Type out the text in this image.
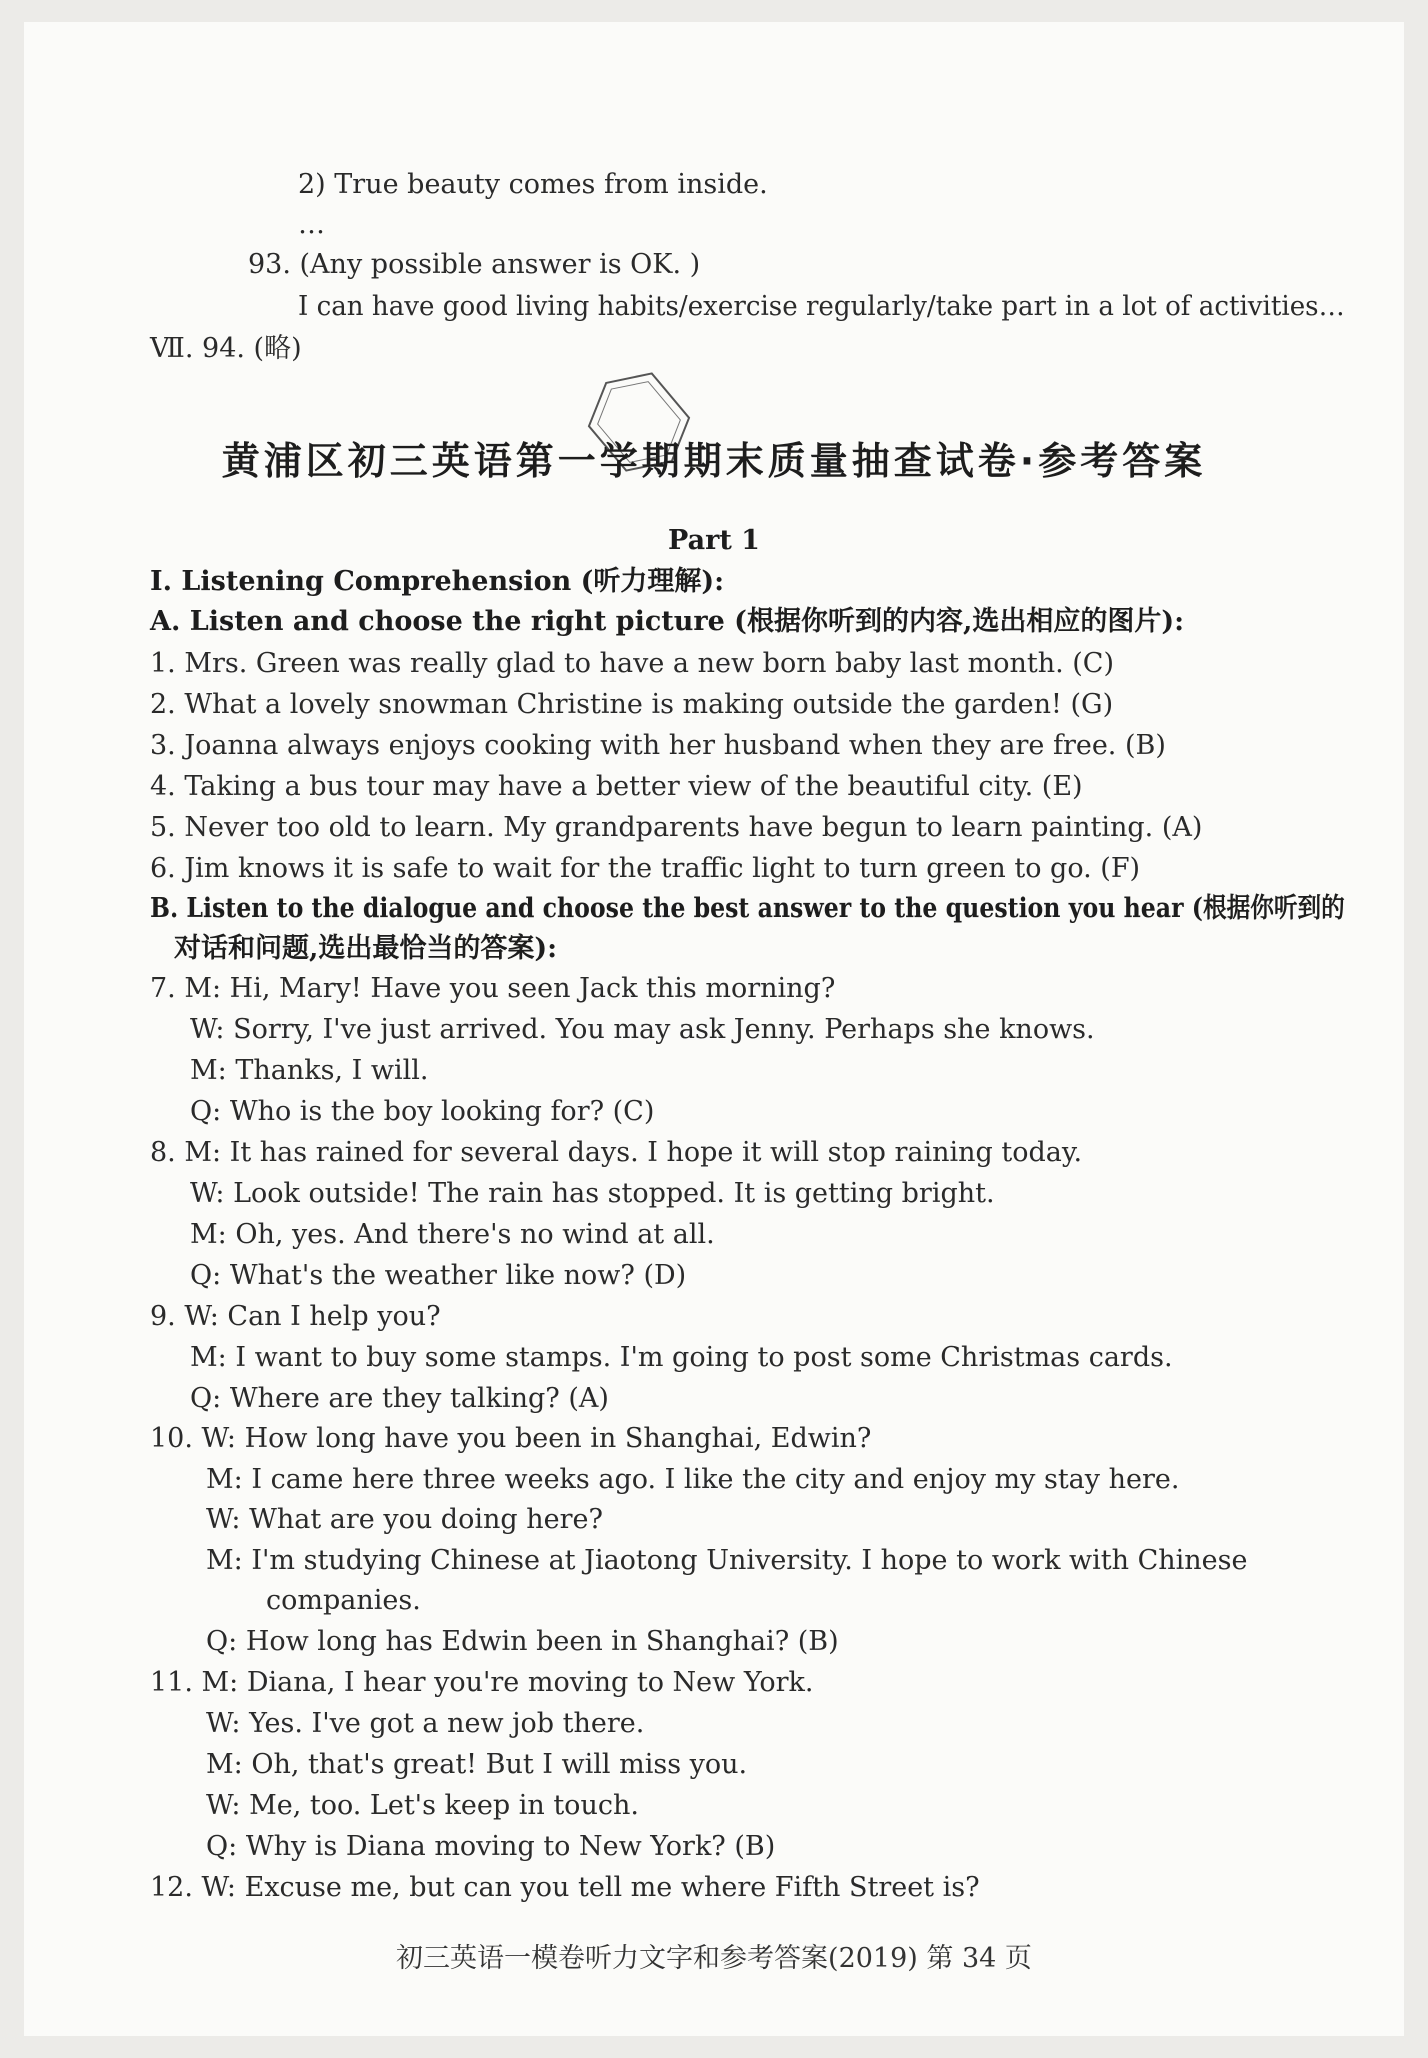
2) True beauty comes from inside.
…
93. (Any possible answer is OK. )
I can have good living habits/exercise regularly/take part in a lot of activities…
Ⅶ. 94. (略)
黄浦区初三英语第一学期期末质量抽查试卷·参考答案
Part 1
Ⅰ. Listening Comprehension (听力理解):
A. Listen and choose the right picture (根据你听到的内容,选出相应的图片):
1. Mrs. Green was really glad to have a new born baby last month. (C)
2. What a lovely snowman Christine is making outside the garden! (G)
3. Joanna always enjoys cooking with her husband when they are free. (B)
4. Taking a bus tour may have a better view of the beautiful city. (E)
5. Never too old to learn. My grandparents have begun to learn painting. (A)
6. Jim knows it is safe to wait for the traffic light to turn green to go. (F)
B. Listen to the dialogue and choose the best answer to the question you hear (根据你听到的
对话和问题,选出最恰当的答案):
7. M: Hi, Mary! Have you seen Jack this morning?
W: Sorry, I've just arrived. You may ask Jenny. Perhaps she knows.
M: Thanks, I will.
Q: Who is the boy looking for? (C)
8. M: It has rained for several days. I hope it will stop raining today.
W: Look outside! The rain has stopped. It is getting bright.
M: Oh, yes. And there's no wind at all.
Q: What's the weather like now? (D)
9. W: Can I help you?
M: I want to buy some stamps. I'm going to post some Christmas cards.
Q: Where are they talking? (A)
10. W: How long have you been in Shanghai, Edwin?
M: I came here three weeks ago. I like the city and enjoy my stay here.
W: What are you doing here?
M: I'm studying Chinese at Jiaotong University. I hope to work with Chinese
companies.
Q: How long has Edwin been in Shanghai? (B)
11. M: Diana, I hear you're moving to New York.
W: Yes. I've got a new job there.
M: Oh, that's great! But I will miss you.
W: Me, too. Let's keep in touch.
Q: Why is Diana moving to New York? (B)
12. W: Excuse me, but can you tell me where Fifth Street is?
初三英语一模卷听力文字和参考答案(2019) 第 34 页
